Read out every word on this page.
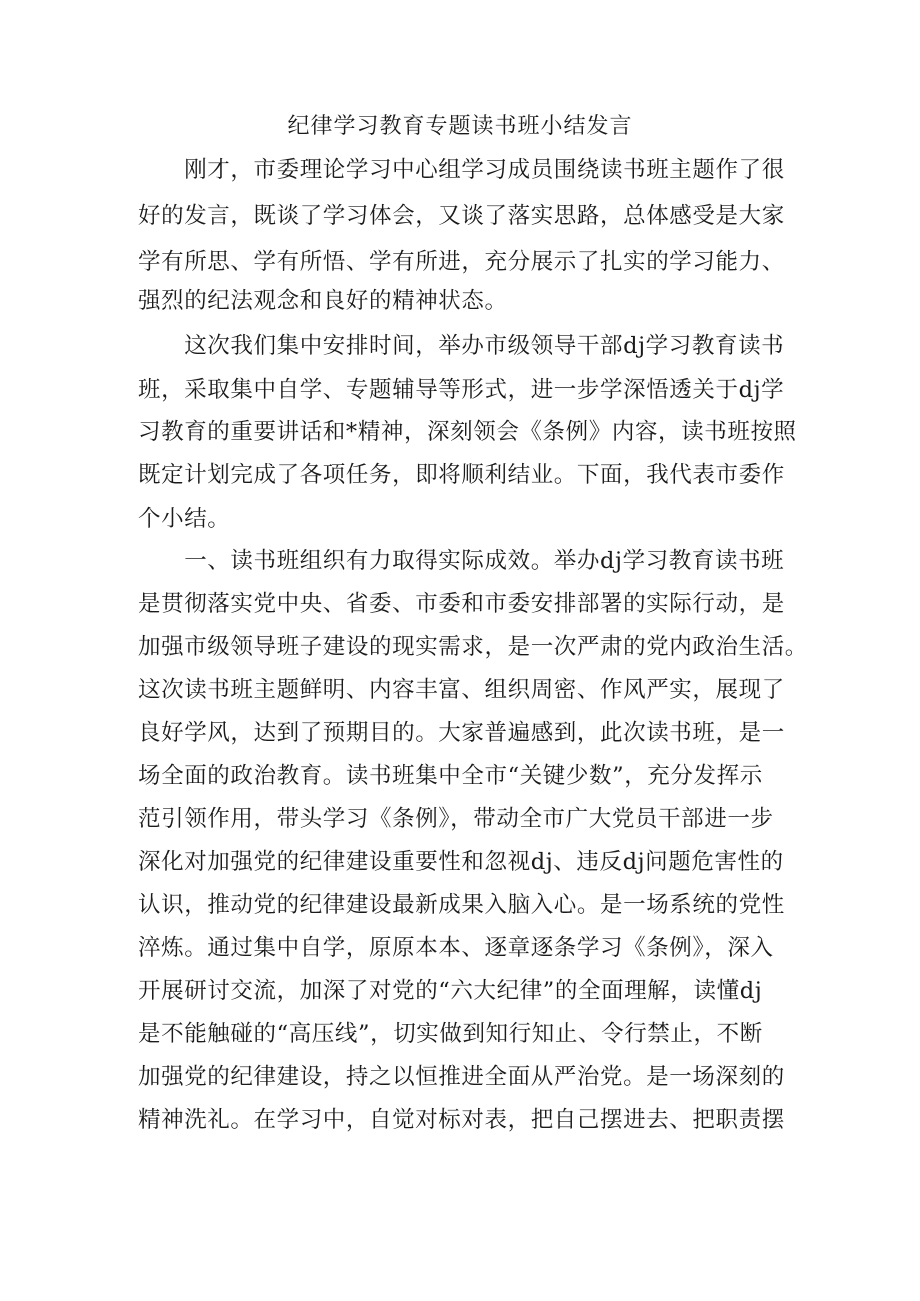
纪律学习教育专题读书班小结发言
　　刚才，市委理论学习中心组学习成员围绕读书班主题作了很
好的发言，既谈了学习体会，又谈了落实思路，总体感受是大家
学有所思、学有所悟、学有所进，充分展示了扎实的学习能力、
强烈的纪法观念和良好的精神状态。
　　这次我们集中安排时间，举办市级领导干部dj学习教育读书
班，采取集中自学、专题辅导等形式，进一步学深悟透关于dj学
习教育的重要讲话和*精神，深刻领会《条例》内容，读书班按照
既定计划完成了各项任务，即将顺利结业。下面，我代表市委作
个小结。
　　一、读书班组织有力取得实际成效。举办dj学习教育读书班
是贯彻落实党中央、省委、市委和市委安排部署的实际行动，是
加强市级领导班子建设的现实需求，是一次严肃的党内政治生活。
这次读书班主题鲜明、内容丰富、组织周密、作风严实，展现了
良好学风，达到了预期目的。大家普遍感到，此次读书班，是一
场全面的政治教育。读书班集中全市“关键少数”，充分发挥示
范引领作用，带头学习《条例》，带动全市广大党员干部进一步
深化对加强党的纪律建设重要性和忽视dj、违反dj问题危害性的
认识，推动党的纪律建设最新成果入脑入心。是一场系统的党性
淬炼。通过集中自学，原原本本、逐章逐条学习《条例》，深入
开展研讨交流，加深了对党的“六大纪律”的全面理解，读懂dj
是不能触碰的“高压线”，切实做到知行知止、令行禁止，不断
加强党的纪律建设，持之以恒推进全面从严治党。是一场深刻的
精神洗礼。在学习中，自觉对标对表，把自己摆进去、把职责摆
